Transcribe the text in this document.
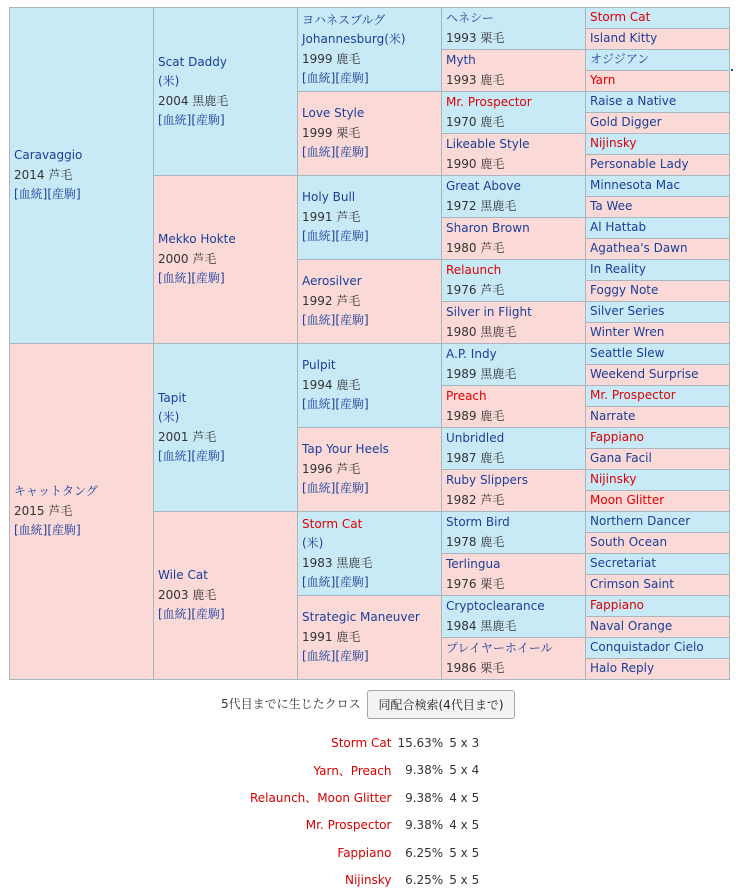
Caravaggio
2014 芦毛
[血統][産駒]	Scat Daddy
(米)
2004 黒鹿毛
[血統][産駒]	ヨハネスブルグ
Johannesburg(米)
1999 鹿毛
[血統][産駒]	ヘネシー
1993 栗毛	Storm Cat
				Island Kitty
			Myth
1993 鹿毛	オジジアン
				Yarn
		Love Style
1999 栗毛
[血統][産駒]	Mr. Prospector
1970 鹿毛	Raise a Native
				Gold Digger
			Likeable Style
1990 鹿毛	Nijinsky
				Personable Lady
	Mekko Hokte
2000 芦毛
[血統][産駒]	Holy Bull
1991 芦毛
[血統][産駒]	Great Above
1972 黒鹿毛	Minnesota Mac
				Ta Wee
			Sharon Brown
1980 芦毛	Al Hattab
				Agathea's Dawn
		Aerosilver
1992 芦毛
[血統][産駒]	Relaunch
1976 芦毛	In Reality
				Foggy Note
			Silver in Flight
1980 黒鹿毛	Silver Series
				Winter Wren
キャットタング
2015 芦毛
[血統][産駒]	Tapit
(米)
2001 芦毛
[血統][産駒]	Pulpit
1994 鹿毛
[血統][産駒]	A.P. Indy
1989 黒鹿毛	Seattle Slew
				Weekend Surprise
			Preach
1989 鹿毛	Mr. Prospector
				Narrate
		Tap Your Heels
1996 芦毛
[血統][産駒]	Unbridled
1987 鹿毛	Fappiano
				Gana Facil
			Ruby Slippers
1982 芦毛	Nijinsky
				Moon Glitter
	Wile Cat
2003 鹿毛
[血統][産駒]	Storm Cat
(米)
1983 黒鹿毛
[血統][産駒]	Storm Bird
1978 鹿毛	Northern Dancer
				South Ocean
			Terlingua
1976 栗毛	Secretariat
				Crimson Saint
		Strategic Maneuver
1991 鹿毛
[血統][産駒]	Cryptoclearance
1984 黒鹿毛	Fappiano
				Naval Orange
			プレイヤーホイール
1986 栗毛	Conquistador Cielo
				Halo Reply
5代目までに生じたクロス	同配合検索(4代目まで)
Storm Cat	15.63%	5 x 3
Yarn、Preach	9.38%	5 x 4
Relaunch、Moon Glitter	9.38%	4 x 5
Mr. Prospector	9.38%	4 x 5
Fappiano	6.25%	5 x 5
Nijinsky	6.25%	5 x 5
